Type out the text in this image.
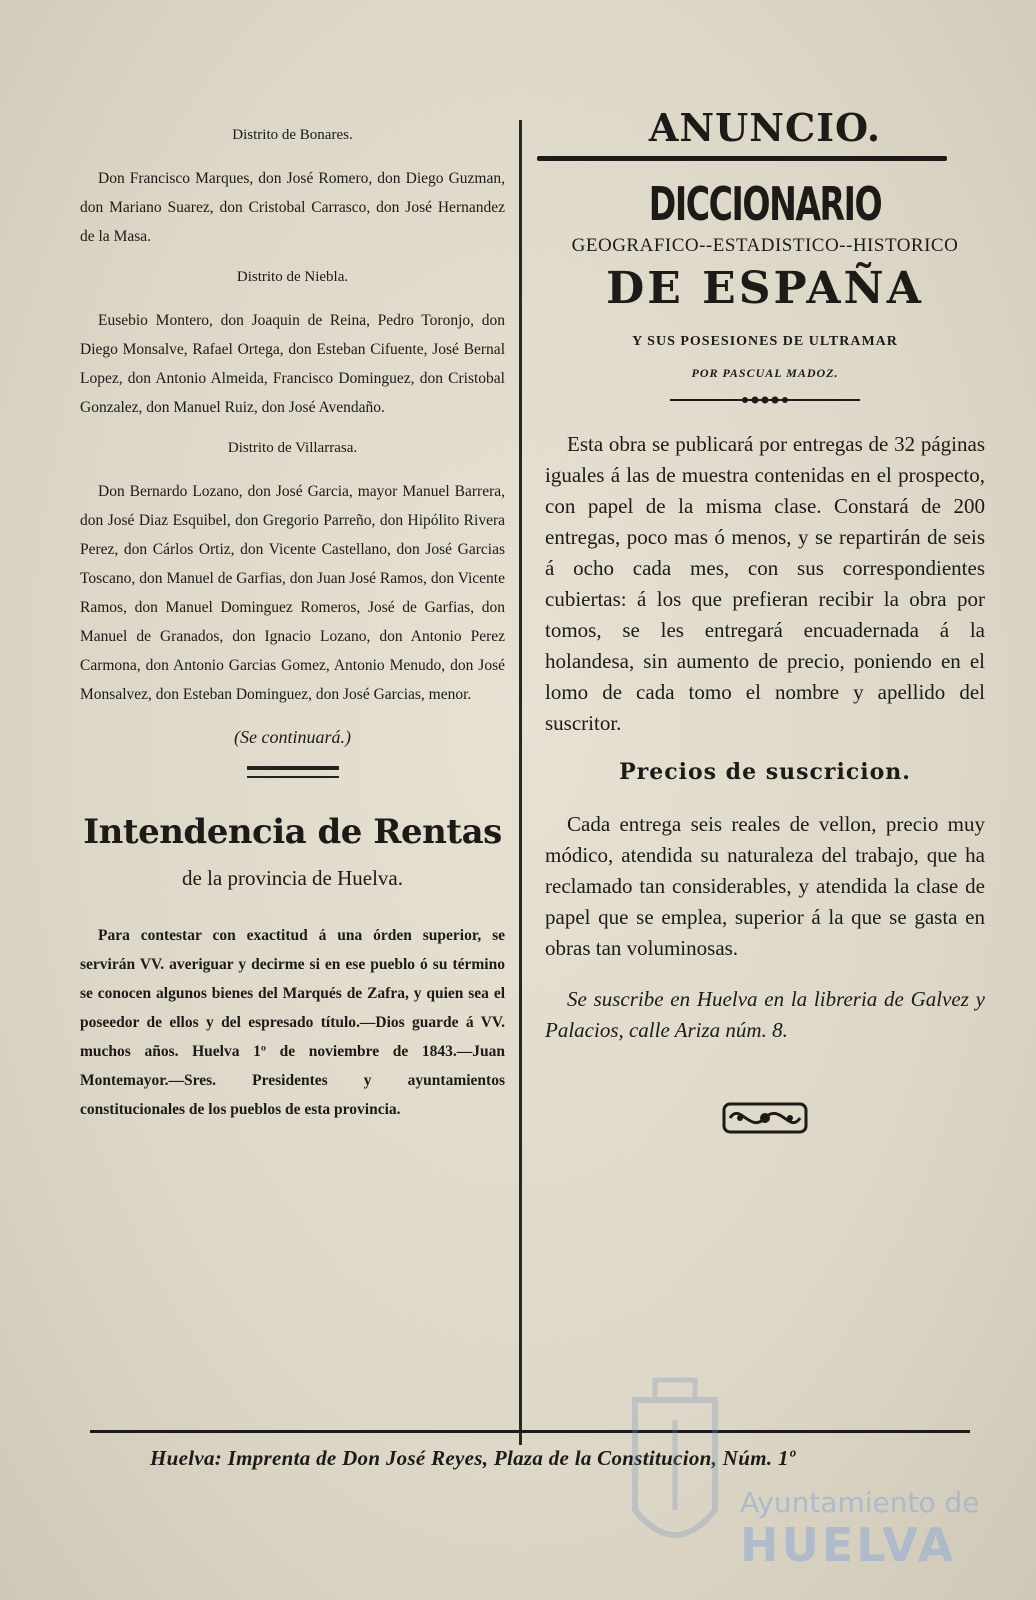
Distrito de Bonares.

Don Francisco Marques, don José Romero, don Diego Guzman, don Mariano Suarez, don Cristobal Carrasco, don José Hernandez de la Masa.

Distrito de Niebla.

Eusebio Montero, don Joaquin de Reina, Pedro Toronjo, don Diego Monsalve, Rafael Ortega, don Esteban Cifuente, José Bernal Lopez, don Antonio Almeida, Francisco Dominguez, don Cristobal Gonzalez, don Manuel Ruiz, don José Avendaño.

Distrito de Villarrasa.

Don Bernardo Lozano, don José Garcia, mayor Manuel Barrera, don José Diaz Esquibel, don Gregorio Parreño, don Hipólito Rivera Perez, don Cárlos Ortiz, don Vicente Castellano, don José Garcias Toscano, don Manuel de Garfias, don Juan José Ramos, don Vicente Ramos, don Manuel Dominguez Romeros, José de Garfias, don Manuel de Granados, don Ignacio Lozano, don Antonio Perez Carmona, don Antonio Garcias Gomez, Antonio Menudo, don José Monsalvez, don Esteban Dominguez, don José Garcias, menor.

(Se continuará.)
Intendencia de Rentas
de la provincia de Huelva.

Para contestar con exactitud á una órden superior, se servirán VV. averiguar y decirme si en ese pueblo ó su término se conocen algunos bienes del Marqués de Zafra, y quien sea el poseedor de ellos y del espresado título.—Dios guarde á VV. muchos años. Huelva 1º de noviembre de 1843.—Juan Montemayor.—Sres. Presidentes y ayuntamientos constitucionales de los pueblos de esta provincia.

ANUNCIO.
DICCIONARIO
GEOGRAFICO--ESTADISTICO--HISTORICO
DE ESPAÑA
Y SUS POSESIONES DE ULTRAMAR
POR PASCUAL MADOZ.

Esta obra se publicará por entregas de 32 páginas iguales á las de muestra contenidas en el prospecto, con papel de la misma clase. Constará de 200 entregas, poco mas ó menos, y se repartirán de seis á ocho cada mes, con sus correspondientes cubiertas: á los que prefieran recibir la obra por tomos, se les entregará encuadernada á la holandesa, sin aumento de precio, poniendo en el lomo de cada tomo el nombre y apellido del suscritor.

Precios de suscricion.

Cada entrega seis reales de vellon, precio muy módico, atendida su naturaleza del trabajo, que ha reclamado tan considerables, y atendida la clase de papel que se emplea, superior á la que se gasta en obras tan voluminosas.

Se suscribe en Huelva en la libreria de Galvez y Palacios, calle Ariza núm. 8.

Huelva: Imprenta de Don José Reyes, Plaza de la Constitucion, Núm. 1º
Ayuntamiento de
HUELVA
